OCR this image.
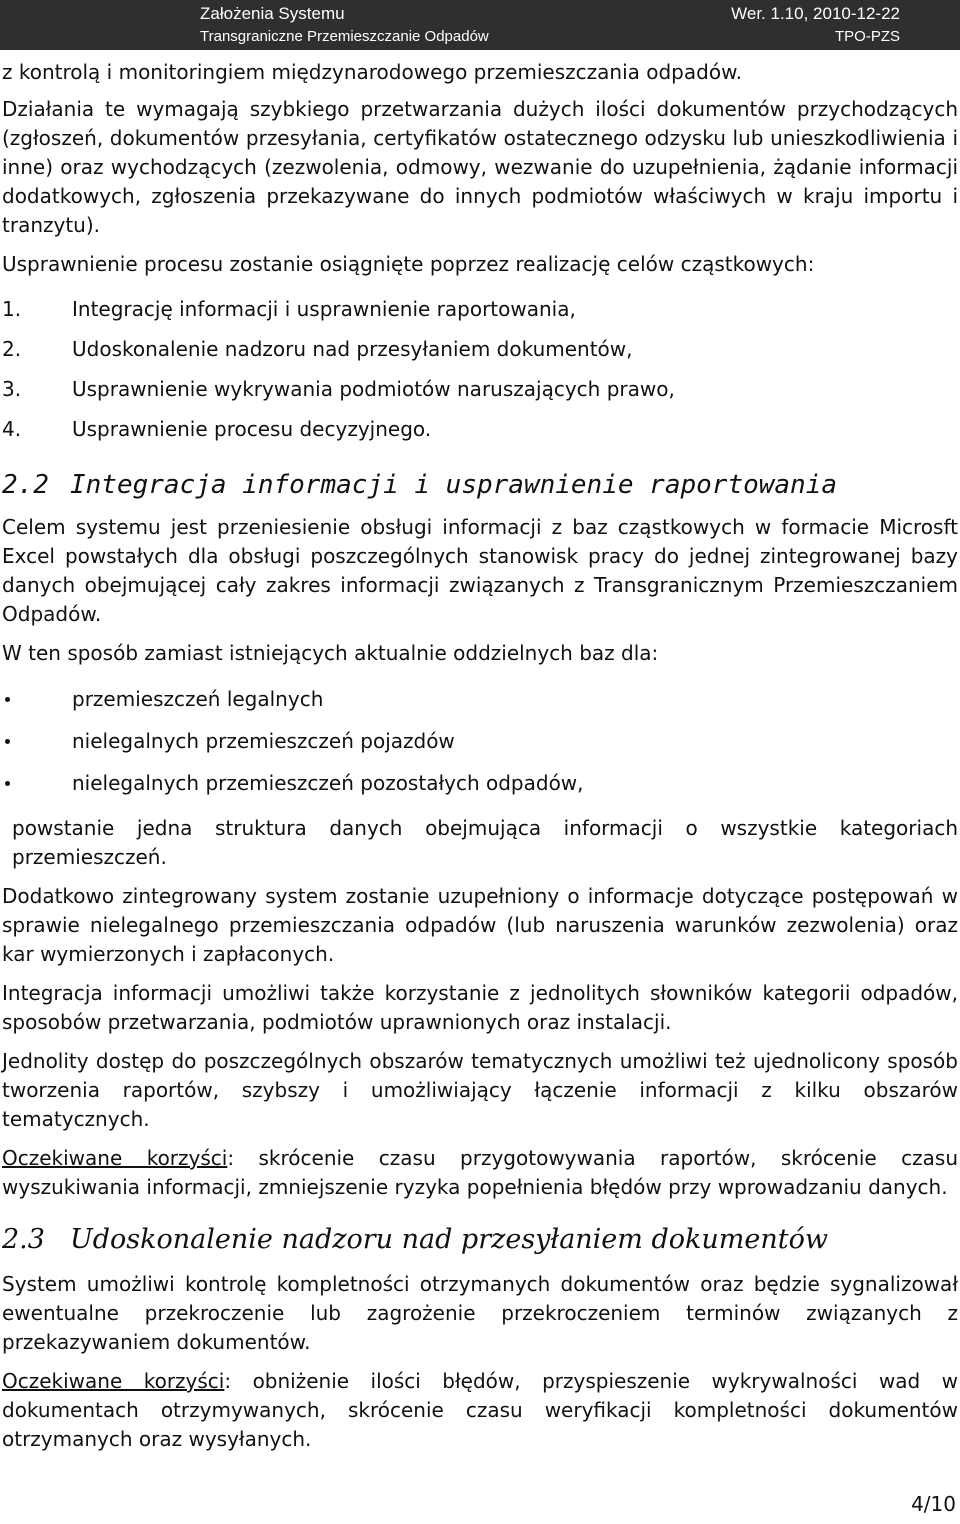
Założenia Systemu
Transgraniczne Przemieszczanie Odpadów
Wer. 1.10, 2010-12-22
TPO-PZS

z kontrolą i monitoringiem międzynarodowego przemieszczania odpadów.

Działania te wymagają szybkiego przetwarzania dużych ilości dokumentów przychodzących (zgłoszeń, dokumentów przesyłania, certyfikatów ostatecznego odzysku lub unieszkodliwienia i inne) oraz wychodzących (zezwolenia, odmowy, wezwanie do uzupełnienia, żądanie informacji dodatkowych, zgłoszenia przekazywane do innych podmiotów właściwych w kraju importu i tranzytu).

Usprawnienie procesu zostanie osiągnięte poprzez realizację celów cząstkowych:

1.	Integrację informacji i usprawnienie raportowania,
2.	Udoskonalenie nadzoru nad przesyłaniem dokumentów,
3.	Usprawnienie wykrywania podmiotów naruszających prawo,
4.	Usprawnienie procesu decyzyjnego.
2.2 Integracja informacji i usprawnienie raportowania

Celem systemu jest przeniesienie obsługi informacji z baz cząstkowych w formacie Microsft Excel powstałych dla obsługi poszczególnych stanowisk pracy do jednej zintegrowanej bazy danych obejmującej cały zakres informacji związanych z Transgranicznym Przemieszczaniem Odpadów.

W ten sposób zamiast istniejących aktualnie oddzielnych baz dla:

przemieszczeń legalnych
nielegalnych przemieszczeń pojazdów
nielegalnych przemieszczeń pozostałych odpadów,

powstanie jedna struktura danych obejmująca informacji o wszystkie kategoriach przemieszczeń.

Dodatkowo zintegrowany system zostanie uzupełniony o informacje dotyczące postępowań w sprawie nielegalnego przemieszczania odpadów (lub naruszenia warunków zezwolenia) oraz kar wymierzonych i zapłaconych.

Integracja informacji umożliwi także korzystanie z jednolitych słowników kategorii odpadów, sposobów przetwarzania, podmiotów uprawnionych oraz instalacji.

Jednolity dostęp do poszczególnych obszarów tematycznych umożliwi też ujednolicony sposób tworzenia raportów, szybszy i umożliwiający łączenie informacji z kilku obszarów tematycznych.

Oczekiwane korzyści: skrócenie czasu przygotowywania raportów, skrócenie czasu wyszukiwania informacji, zmniejszenie ryzyka popełnienia błędów przy wprowadzaniu danych.

2.3 Udoskonalenie nadzoru nad przesyłaniem dokumentów

System umożliwi kontrolę kompletności otrzymanych dokumentów oraz będzie sygnalizował ewentualne przekroczenie lub zagrożenie przekroczeniem terminów związanych z przekazywaniem dokumentów.

Oczekiwane korzyści: obniżenie ilości błędów, przyspieszenie wykrywalności wad w dokumentach otrzymywanych, skrócenie czasu weryfikacji kompletności dokumentów otrzymanych oraz wysyłanych.

4/10
